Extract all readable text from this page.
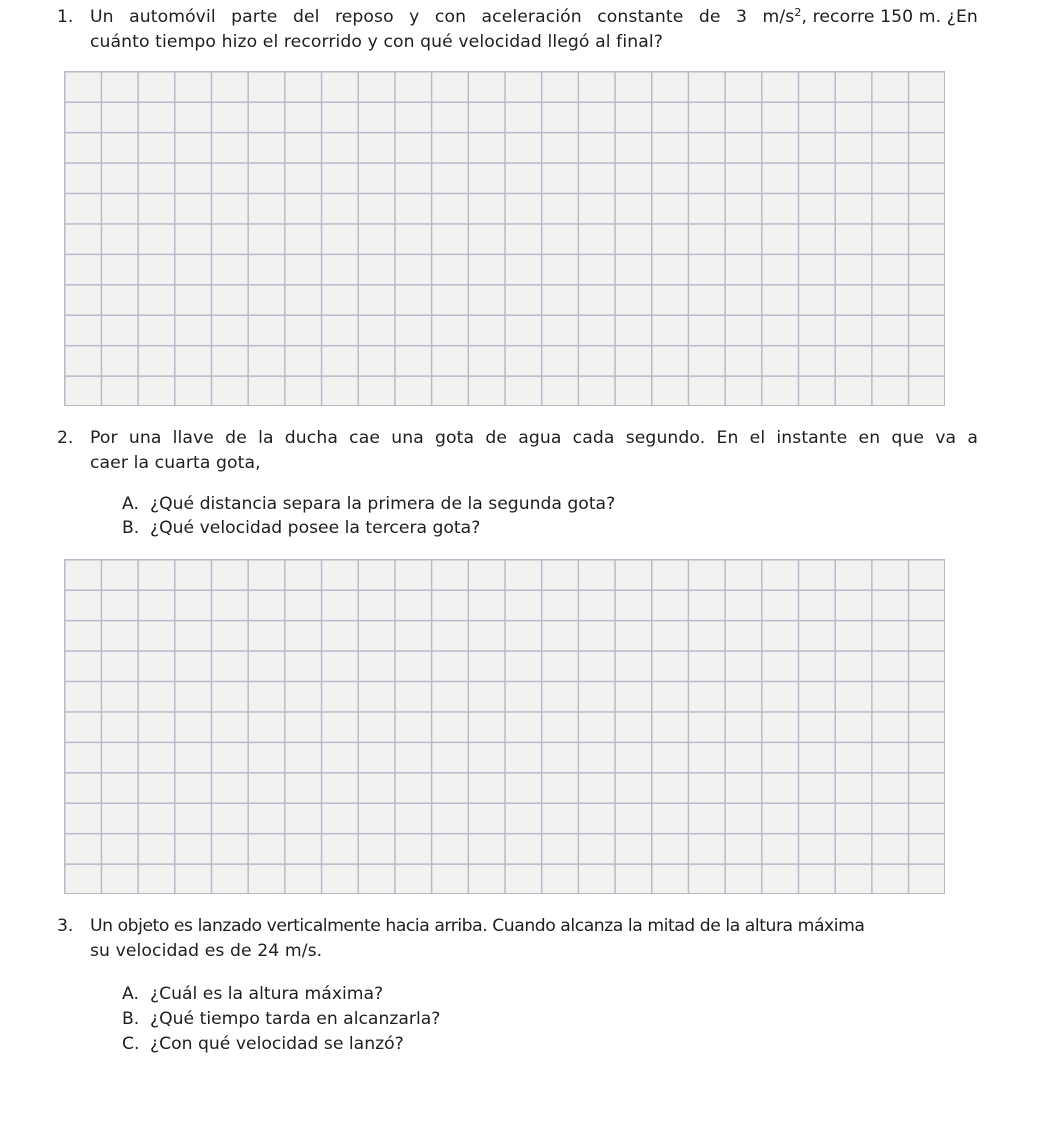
1. Un automóvil parte del reposo y con aceleración constante de 3 $m/s^2$, recorre 150 m. ¿En
cuánto tiempo hizo el recorrido y con qué velocidad llegó al final?
2. Por una llave de la ducha cae una gota de agua cada segundo. En el instante en que va a
caer la cuarta gota,
A. ¿Qué distancia separa la primera de la segunda gota?
B. ¿Qué velocidad posee la tercera gota?
3. Un objeto es lanzado verticalmente hacia arriba. Cuando alcanza la mitad de la altura máxima
su velocidad es de 24 m/s.
A. ¿Cuál es la altura máxima?
B. ¿Qué tiempo tarda en alcanzarla?
C. ¿Con qué velocidad se lanzó?
